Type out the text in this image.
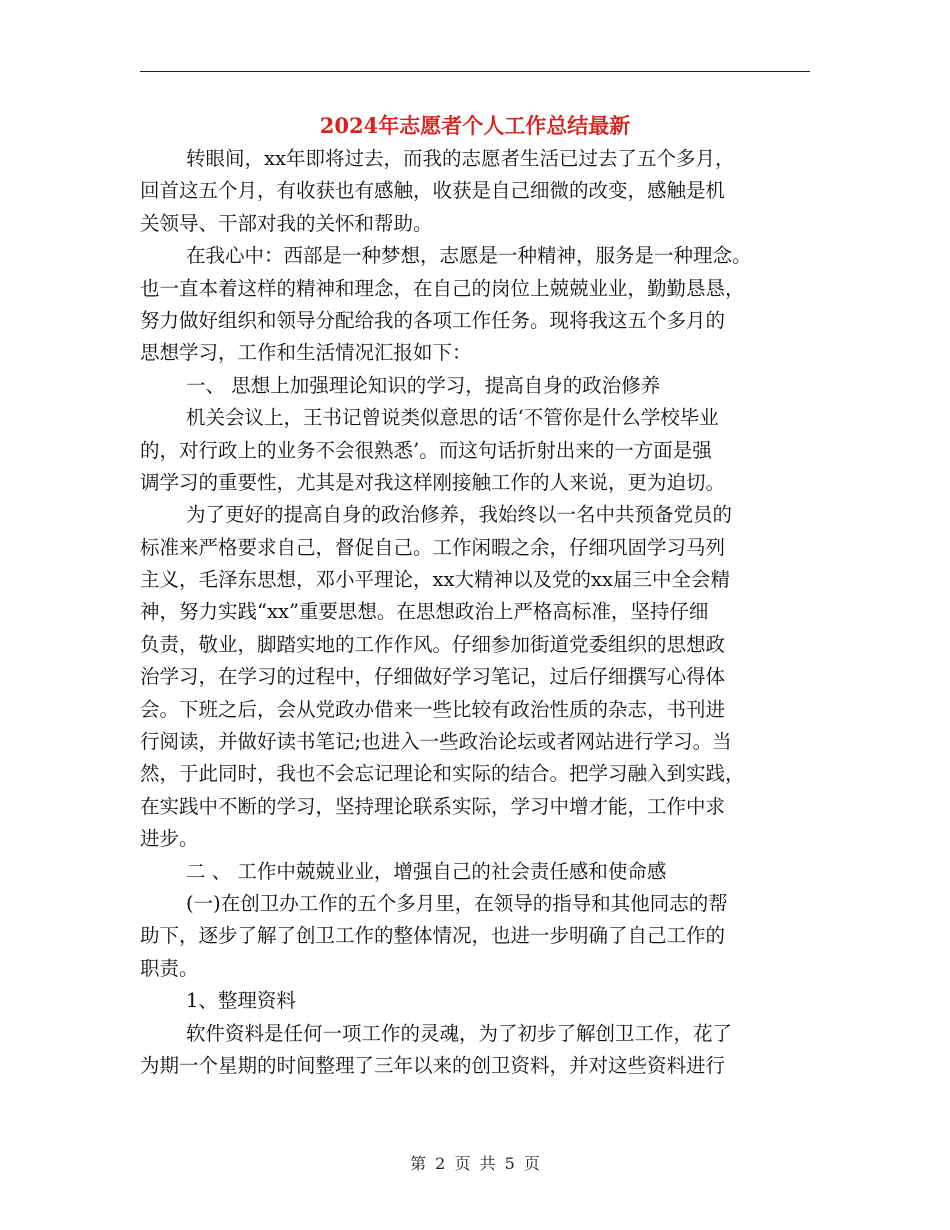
2024年志愿者个人工作总结最新

转眼间，xx年即将过去，而我的志愿者生活已过去了五个多月，
回首这五个月，有收获也有感触，收获是自己细微的改变，感触是机
关领导、干部对我的关怀和帮助。
在我心中：西部是一种梦想，志愿是一种精神，服务是一种理念。
也一直本着这样的精神和理念，在自己的岗位上兢兢业业，勤勤恳恳，
努力做好组织和领导分配给我的各项工作任务。现将我这五个多月的
思想学习，工作和生活情况汇报如下：
一、 思想上加强理论知识的学习，提高自身的政治修养
机关会议上，王书记曾说类似意思的话‘不管你是什么学校毕业
的，对行政上的业务不会很熟悉’。而这句话折射出来的一方面是强
调学习的重要性，尤其是对我这样刚接触工作的人来说，更为迫切。
为了更好的提高自身的政治修养，我始终以一名中共预备党员的
标准来严格要求自己，督促自己。工作闲暇之余，仔细巩固学习马列
主义，毛泽东思想，邓小平理论，xx大精神以及党的xx届三中全会精
神，努力实践“xx”重要思想。在思想政治上严格高标准，坚持仔细
负责，敬业，脚踏实地的工作作风。仔细参加街道党委组织的思想政
治学习，在学习的过程中，仔细做好学习笔记，过后仔细撰写心得体
会。下班之后，会从党政办借来一些比较有政治性质的杂志，书刊进
行阅读，并做好读书笔记;也进入一些政治论坛或者网站进行学习。当
然，于此同时，我也不会忘记理论和实际的结合。把学习融入到实践，
在实践中不断的学习，坚持理论联系实际，学习中增才能，工作中求
进步。
二 、 工作中兢兢业业，增强自己的社会责任感和使命感
(一)在创卫办工作的五个多月里，在领导的指导和其他同志的帮
助下，逐步了解了创卫工作的整体情况，也进一步明确了自己工作的
职责。
1、整理资料
软件资料是任何一项工作的灵魂，为了初步了解创卫工作，花了
为期一个星期的时间整理了三年以来的创卫资料，并对这些资料进行

第 2 页 共 5 页
